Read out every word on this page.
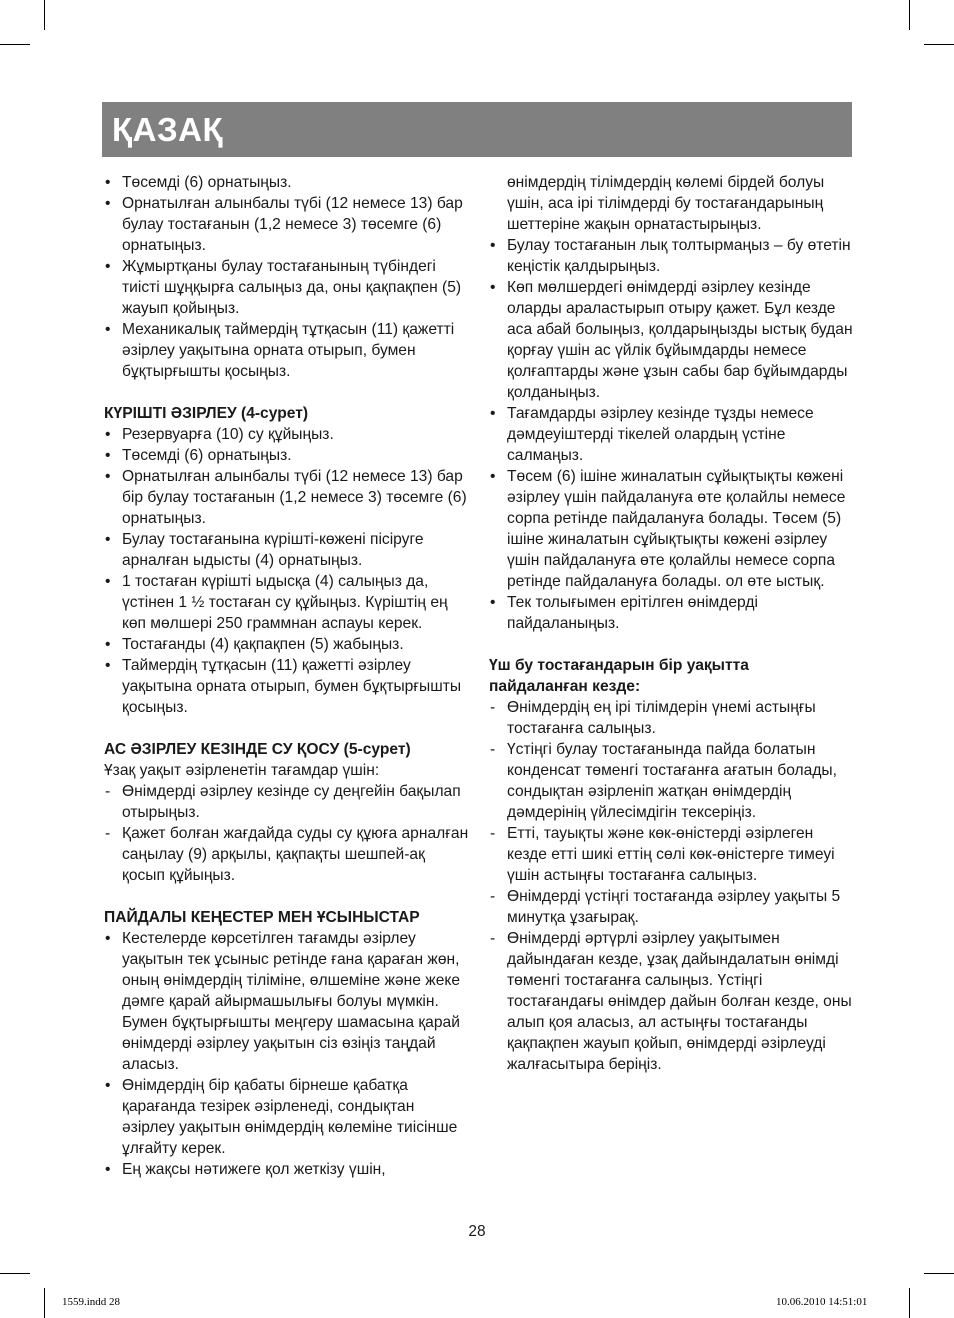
ҚАЗАҚ
• Төсемді (6) орнатыңыз.
• Орнатылған алынбалы түбі (12 немесе 13) бар булау тостағанын (1,2 немесе 3) төсемге (6) орнатыңыз.
• Жұмыртқаны булау тостағанының түбіндегі тиісті шұңқырға салыңыз да, оны қақпақпен (5) жауып қойыңыз.
• Механикалық таймердің тұтқасын (11) қажетті әзірлеу уақытына орната отырып, бумен бұқтырғышты қосыңыз.

КҮРІШТІ ӘЗІРЛЕУ (4-сурет)

• Резервуарға (10) су құйыңыз.
• Төсемді (6) орнатыңыз.
• Орнатылған алынбалы түбі (12 немесе 13) бар бір булау тостағанын (1,2 немесе 3) төсемге (6) орнатыңыз.
• Булау тостағанына күрішті-көжені пісіруге арналған ыдысты (4) орнатыңыз.
• 1 тостаған күрішті ыдысқа (4) салыңыз да, үстінен 1 ½ тостаған су құйыңыз. Күріштің ең көп мөлшері 250 граммнан аспауы керек.
• Тостағанды (4) қақпақпен (5) жабыңыз.
• Таймердің тұтқасын (11) қажетті әзірлеу уақытына орната отырып, бумен бұқтырғышты қосыңыз.

АС ӘЗІРЛЕУ КЕЗІНДЕ СУ ҚОСУ (5-сурет)

Ұзақ уақыт әзірленетін тағамдар үшін:

- Өнімдерді әзірлеу кезінде су деңгейін бақылап отырыңыз.
- Қажет болған жағдайда суды су құюға арналған саңылау (9) арқылы, қақпақты шешпей-ақ қосып құйыңыз.

ПАЙДАЛЫ КЕҢЕСТЕР МЕН ҰСЫНЫСТАР

• Кестелерде көрсетілген тағамды әзірлеу уақытын тек ұсыныс ретінде ғана қараған жөн, оның өнімдердің тіліміне, өлшеміне және жеке дәмге қарай айырмашылығы болуы мүмкін. Бумен бұқтырғышты меңгеру шамасына қарай өнімдерді әзірлеу уақытын сіз өзіңіз таңдай аласыз.
• Өнімдердің бір қабаты бірнеше қабатқа қарағанда тезірек әзірленеді, сондықтан әзірлеу уақытын өнімдердің көлеміне тиісінше ұлғайту керек.
• Ең жақсы нәтижеге қол жеткізу үшін,

өнімдердің тілімдердің көлемі бірдей болуы үшін, аса ірі тілімдерді бу тостағандарының шеттеріне жақын орнатастырыңыз.

• Булау тостағанын лық толтырмаңыз – бу өтетін кеңістік қалдырыңыз.
• Көп мөлшердегі өнімдерді әзірлеу кезінде оларды араластырып отыру қажет. Бұл кезде аса абай болыңыз, қолдарыңызды ыстық будан қорғау үшін ас үйлік бұйымдарды немесе қолғаптарды және ұзын сабы бар бұйымдарды қолданыңыз.
• Тағамдарды әзірлеу кезінде тұзды немесе дәмдеуіштерді тікелей олардың үстіне салмаңыз.
• Төсем (6) ішіне жиналатын сұйықтықты көжені әзірлеу үшін пайдалануға өте қолайлы немесе сорпа ретінде пайдалануға болады. Төсем (5) ішіне жиналатын сұйықтықты көжені әзірлеу үшін пайдалануға өте қолайлы немесе сорпа ретінде пайдалануға болады. ол өте ыстық.
• Тек толығымен ерітілген өнімдерді пайдаланыңыз.

Үш бу тостағандарын бір уақытта
пайдаланған кезде:

- Өнімдердің ең ірі тілімдерін үнемі астыңғы тостағанға салыңыз.
- Үстіңгі булау тостағанында пайда болатын конденсат төменгі тостағанға ағатын болады, сондықтан әзірленіп жатқан өнімдердің дәмдерінің үйлесімдігін тексеріңіз.
- Етті, тауықты және көк-өністерді әзірлеген кезде етті шикі еттің сөлі көк-өністерге тимеуі үшін астыңғы тостағанға салыңыз.
- Өнімдерді үстіңгі тостағанда әзірлеу уақыты 5 минутқа ұзағырақ.
- Өнімдерді әртүрлі әзірлеу уақытымен дайындаған кезде, ұзақ дайындалатын өнімді төменгі тостағанға салыңыз. Үстіңгі тостағандағы өнімдер дайын болған кезде, оны алып қоя аласыз, ал астыңғы тостағанды қақпақпен жауып қойып, өнімдерді әзірлеуді жалғасытыра беріңіз.
28
1559.indd 28	10.06.2010 14:51:01
